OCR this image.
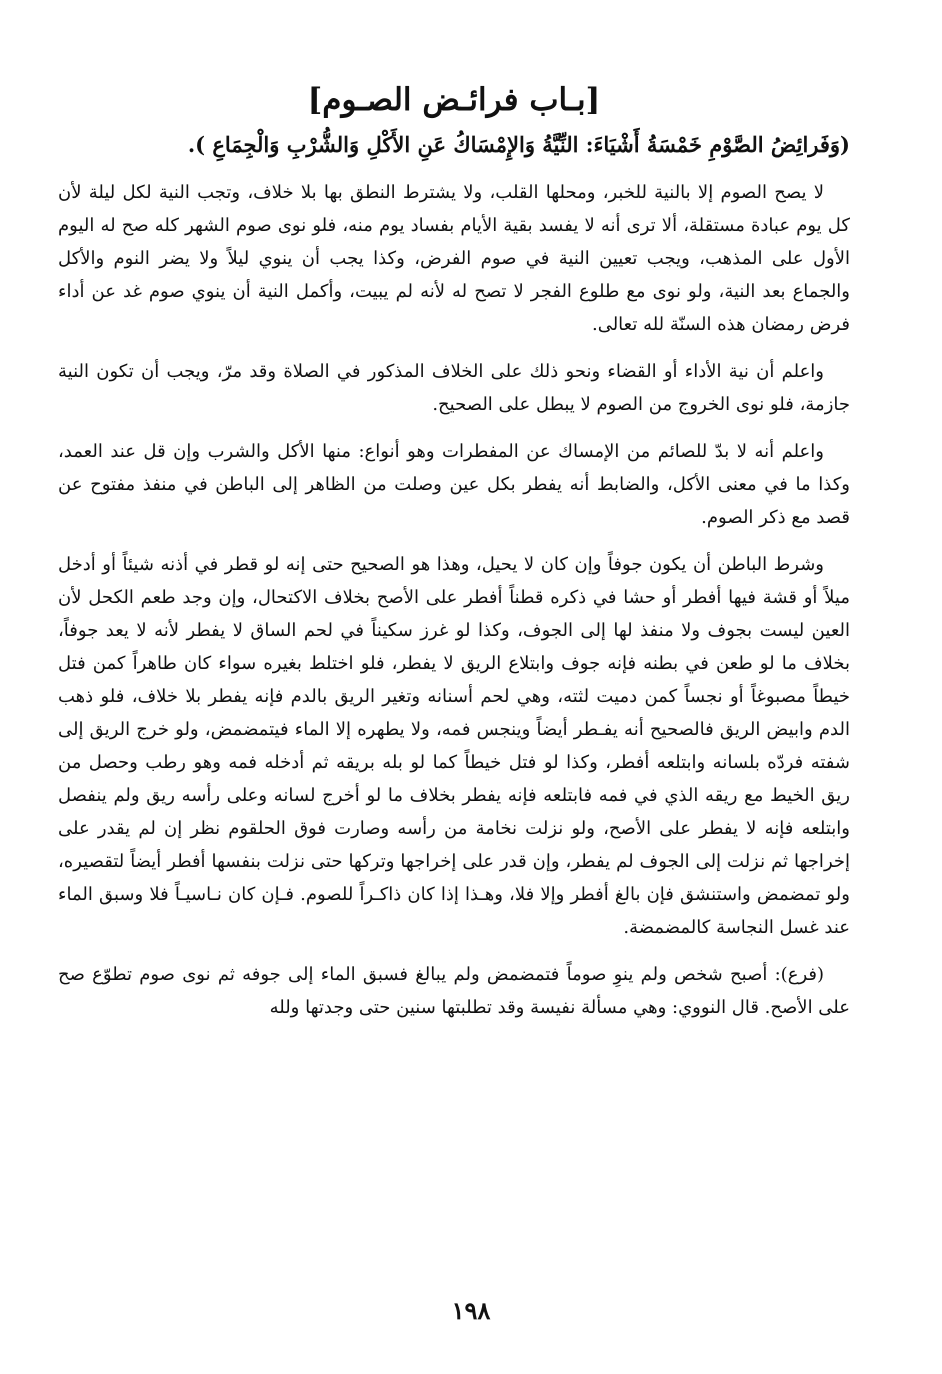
[بـاب فرائـض الصـوم]

(وَفَرائِضُ الصَّوْمِ خَمْسَةُ أَشْيَاءَ: النِّيَّةُ وَالإِمْسَاكُ عَنِ الأَكْلِ وَالشُّرْبِ وَالْجِمَاعِ ).

لا يصح الصوم إلا بالنية للخبر، ومحلها القلب، ولا يشترط النطق بها بلا خلاف، وتجب النية لكل ليلة لأن كل يوم عبادة مستقلة، ألا ترى أنه لا يفسد بقية الأيام بفساد يوم منه، فلو نوى صوم الشهر كله صح له اليوم الأول على المذهب، ويجب تعيين النية في صوم الفرض، وكذا يجب أن ينوي ليلاً ولا يضر النوم والأكل والجماع بعد النية، ولو نوى مع طلوع الفجر لا تصح له لأنه لم يبيت، وأكمل النية أن ينوي صوم غد عن أداء فرض رمضان هذه السنّة لله تعالى.

واعلم أن نية الأداء أو القضاء ونحو ذلك على الخلاف المذكور في الصلاة وقد مرّ، ويجب أن تكون النية جازمة، فلو نوى الخروج من الصوم لا يبطل على الصحيح.

واعلم أنه لا بدّ للصائم من الإمساك عن المفطرات وهو أنواع: منها الأكل والشرب وإن قل عند العمد، وكذا ما في معنى الأكل، والضابط أنه يفطر بكل عين وصلت من الظاهر إلى الباطن في منفذ مفتوح عن قصد مع ذكر الصوم.

وشرط الباطن أن يكون جوفاً وإن كان لا يحيل، وهذا هو الصحيح حتى إنه لو قطر في أذنه شيئاً أو أدخل ميلاً أو قشة فيها أفطر أو حشا في ذكره قطناً أفطر على الأصح بخلاف الاكتحال، وإن وجد طعم الكحل لأن العين ليست بجوف ولا منفذ لها إلى الجوف، وكذا لو غرز سكيناً في لحم الساق لا يفطر لأنه لا يعد جوفاً، بخلاف ما لو طعن في بطنه فإنه جوف وابتلاع الريق لا يفطر، فلو اختلط بغيره سواء كان طاهراً كمن فتل خيطاً مصبوغاً أو نجساً كمن دميت لثته، وهي لحم أسنانه وتغير الريق بالدم فإنه يفطر بلا خلاف، فلو ذهب الدم وابيض الريق فالصحيح أنه يفـطر أيضاً وينجس فمه، ولا يطهره إلا الماء فيتمضمض، ولو خرج الريق إلى شفته فردّه بلسانه وابتلعه أفطر، وكذا لو فتل خيطاً كما لو بله بريقه ثم أدخله فمه وهو رطب وحصل من ريق الخيط مع ريقه الذي في فمه فابتلعه فإنه يفطر بخلاف ما لو أخرج لسانه وعلى رأسه ريق ولم ينفصل وابتلعه فإنه لا يفطر على الأصح، ولو نزلت نخامة من رأسه وصارت فوق الحلقوم نظر إن لم يقدر على إخراجها ثم نزلت إلى الجوف لم يفطر، وإن قدر على إخراجها وتركها حتى نزلت بنفسها أفطر أيضاً لتقصيره، ولو تمضمض واستنشق فإن بالغ أفطر وإلا فلا، وهـذا إذا كان ذاكـراً للصوم. فـإن كان نـاسيـاً فلا وسبق الماء عند غسل النجاسة كالمضمضة.

(فرع): أصبح شخص ولم ينوِ صوماً فتمضمض ولم يبالغ فسبق الماء إلى جوفه ثم نوى صوم تطوّع صح على الأصح. قال النووي: وهي مسألة نفيسة وقد تطلبتها سنين حتى وجدتها ولله

١٩٨
